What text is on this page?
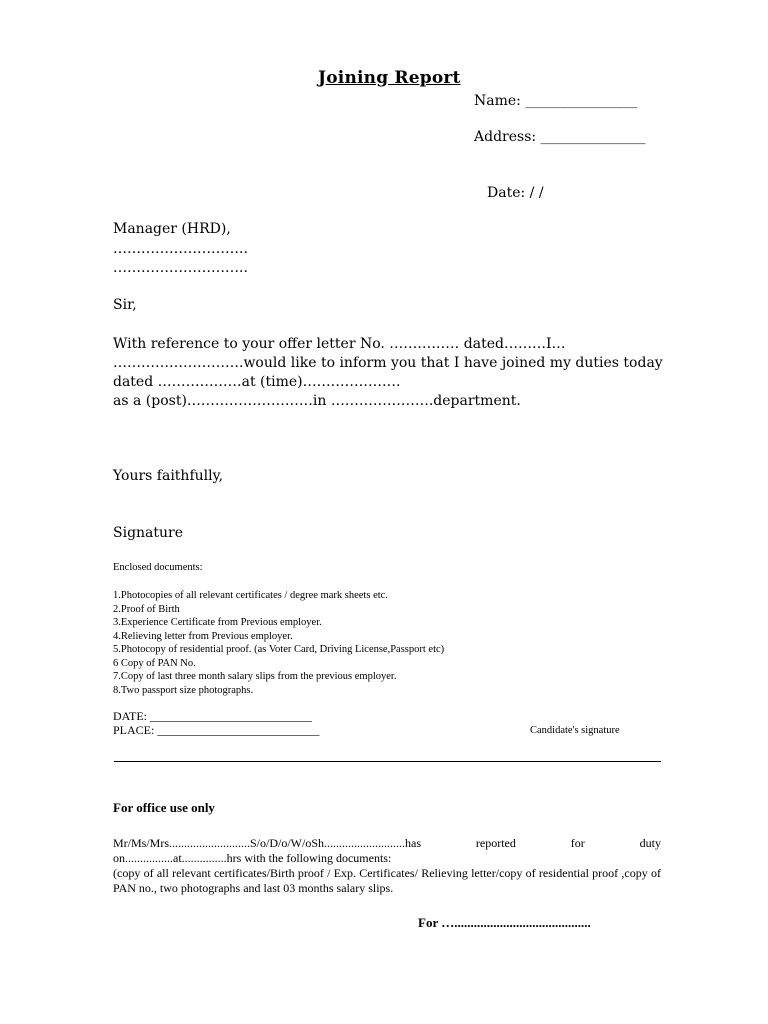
Joining Report
Name: ________________
Address: _______________
Date: / /
Manager (HRD),
………………………..
………………………..
Sir,
With reference to your offer letter No. …………… dated………I…
……………………….would like to inform you that I have joined my duties today
dated ………………at (time)…………………
as a (post)………………………in ………………….department.
Yours faithfully,
Signature
Enclosed documents:
1.Photocopies of all relevant certificates / degree mark sheets etc.
2.Proof of Birth
3.Experience Certificate from Previous employer.
4.Relieving letter from Previous employer.
5.Photocopy of residential proof. (as Voter Card, Driving License,Passport etc)
6 Copy of PAN No.
7.Copy of last three month salary slips from the previous employer.
8.Two passport size photographs.
DATE: ___________________________
PLACE: ___________________________	Candidate's signature
For office use only
Mr/Ms/Mrs...........................S/o/D/o/W/oSh...........................has	reported	for	duty
on................at...............hrs with the following documents:
(copy of all relevant certificates/Birth proof / Exp. Certificates/ Relieving letter/copy of residential proof ,copy of PAN no., two photographs and last 03 months salary slips.
For …..........................................
